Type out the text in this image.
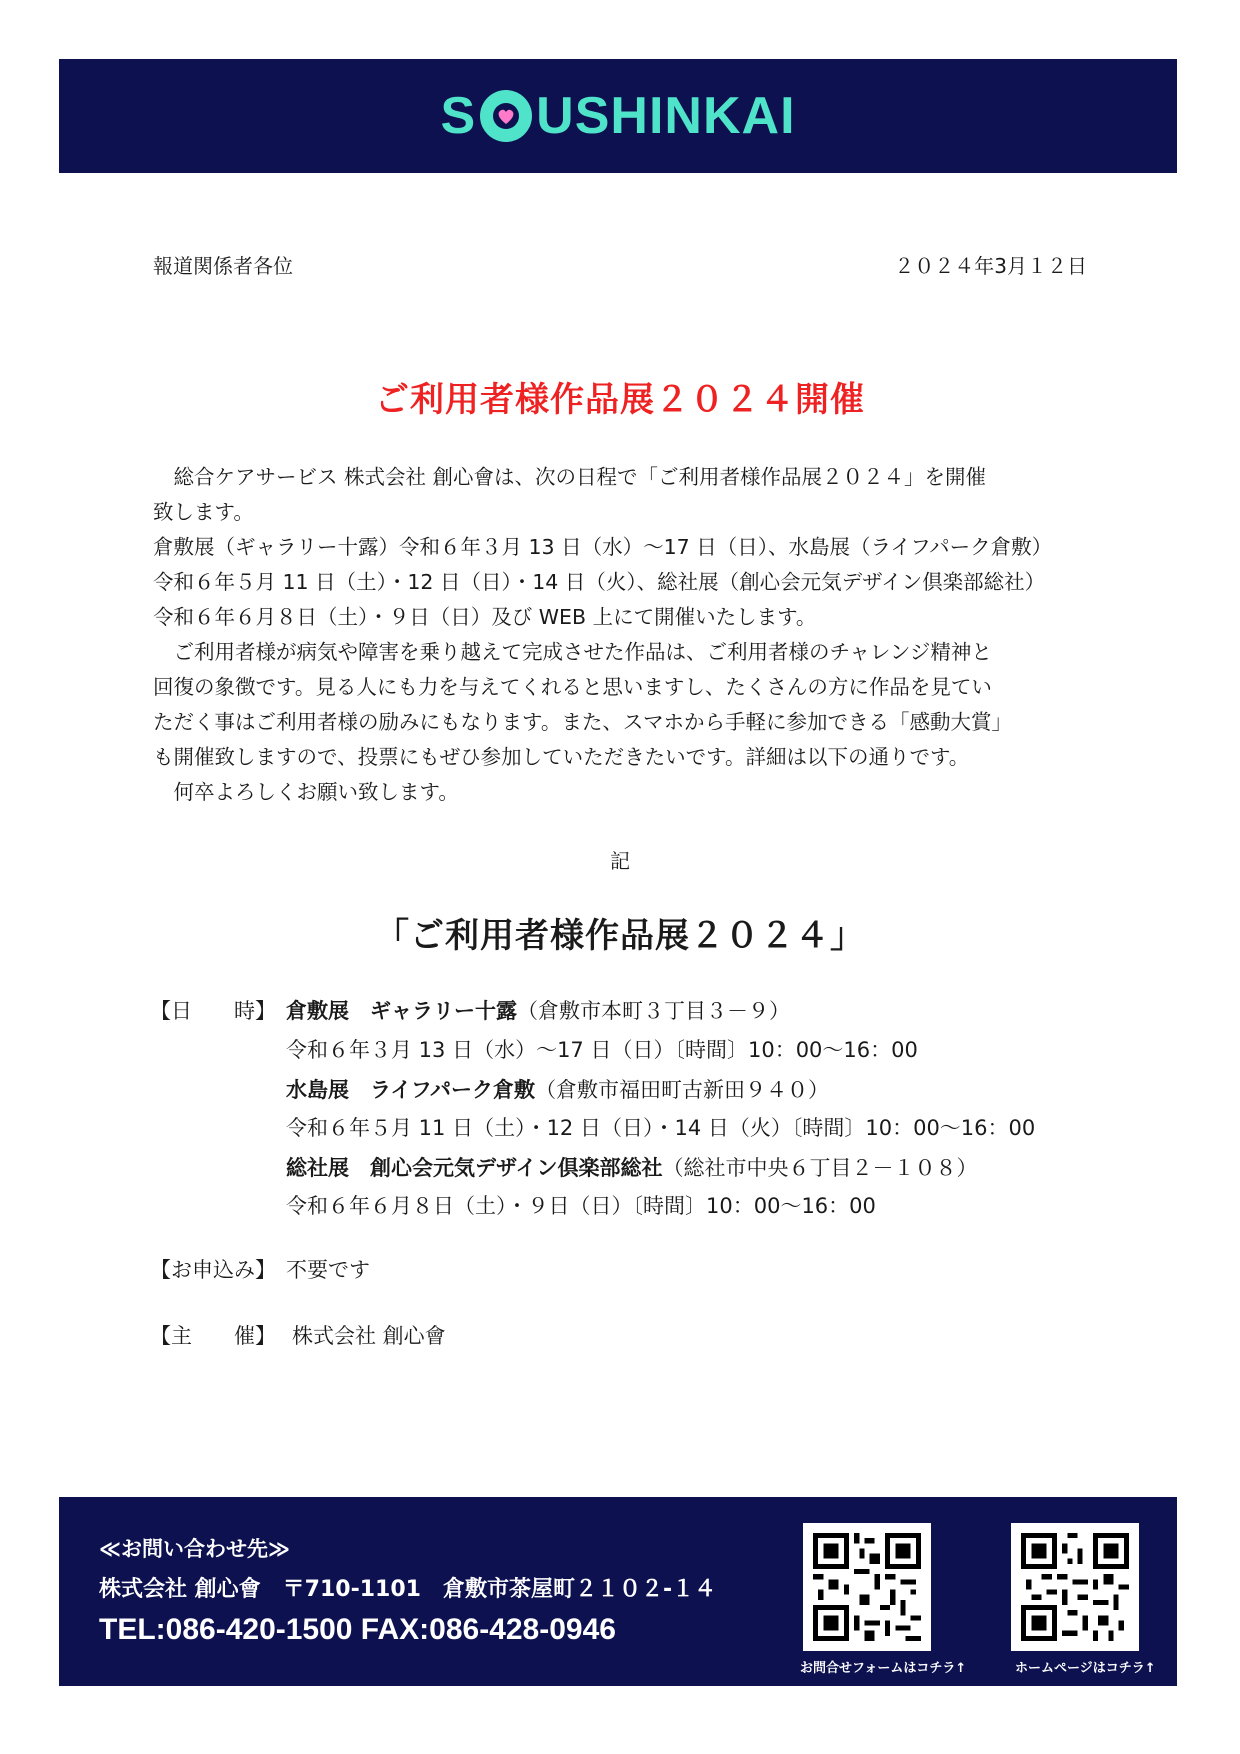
S USHINKAI
報道関係者各位	２０２４年3月１２日
ご利用者様作品展２０２４開催

総合ケアサービス 株式会社 創心會は、次の日程で「ご利用者様作品展２０２４」を開催

致します。

倉敷展（ギャラリー十露）令和６年３月 13 日（水）〜17 日（日）、水島展（ライフパーク倉敷）

令和６年５月 11 日（土）・12 日（日）・14 日（火）、総社展（創心会元気デザイン倶楽部総社）

令和６年６月８日（土）・９日（日）及び WEB 上にて開催いたします。

ご利用者様が病気や障害を乗り越えて完成させた作品は、ご利用者様のチャレンジ精神と

回復の象徴です。見る人にも力を与えてくれると思いますし、たくさんの方に作品を見てい

ただく事はご利用者様の励みにもなります。また、スマホから手軽に参加できる「感動大賞」

も開催致しますので、投票にもぜひ参加していただきたいです。詳細は以下の通りです。

何卒よろしくお願い致します。

記
「ご利用者様作品展２０２４」
【日　　時】 倉敷展　ギャラリー十露（倉敷市本町３丁目３－９）
令和６年３月 13 日（水）〜17 日（日）〔時間〕10：00〜16：00
水島展　ライフパーク倉敷（倉敷市福田町古新田９４０）
令和６年５月 11 日（土）・12 日（日）・14 日（火）〔時間〕10：00〜16：00
総社展　創心会元気デザイン倶楽部総社（総社市中央６丁目２－１０８）
令和６年６月８日（土）・９日（日）〔時間〕10：00〜16：00
【お申込み】 不要です
【主　　催】 株式会社 創心會
≪お問い合わせ先≫
株式会社 創心會　〒710-1101　倉敷市茶屋町２１０２-１４
TEL:086-420-1500 FAX:086-428-0946
お問合せフォームはコチラ↑	ホームページはコチラ↑
